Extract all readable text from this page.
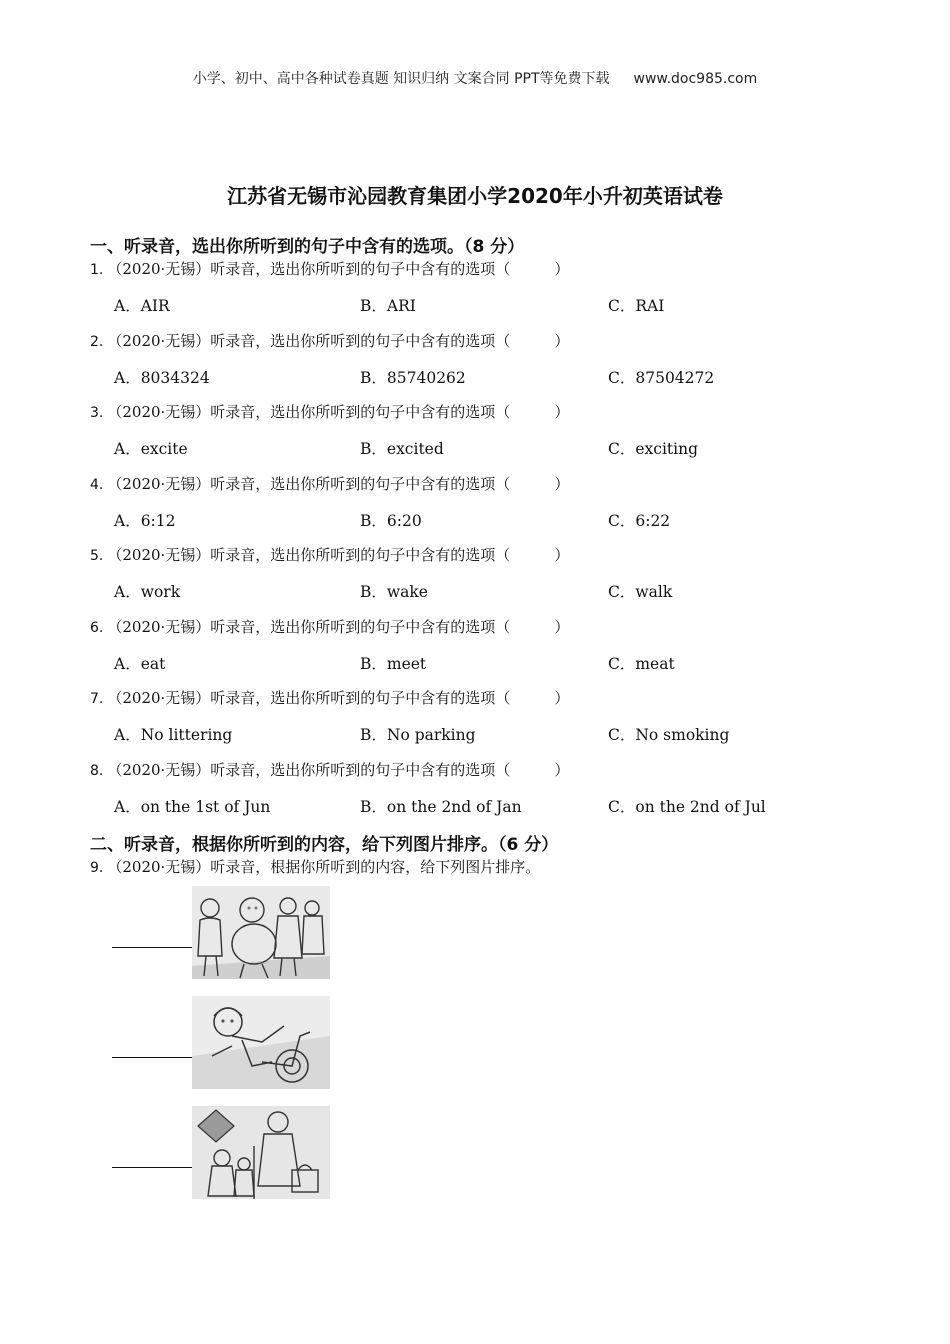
小学、初中、高中各种试卷真题 知识归纳 文案合同 PPT等免费下载 www.doc985.com
江苏省无锡市沁园教育集团小学2020年小升初英语试卷
一、听录音，选出你所听到的句子中含有的选项。（8 分）
1. （2020·无锡）听录音，选出你所听到的句子中含有的选项（	）
A．AIR	B．ARI	C．RAI
2. （2020·无锡）听录音，选出你所听到的句子中含有的选项（	）
A．8034324	B．85740262	C．87504272
3. （2020·无锡）听录音，选出你所听到的句子中含有的选项（	）
A．excite	B．excited	C．exciting
4. （2020·无锡）听录音，选出你所听到的句子中含有的选项（	）
A．6:12	B．6:20	C．6:22
5. （2020·无锡）听录音，选出你所听到的句子中含有的选项（	）
A．work	B．wake	C．walk
6. （2020·无锡）听录音，选出你所听到的句子中含有的选项（	）
A．eat	B．meet	C．meat
7. （2020·无锡）听录音，选出你所听到的句子中含有的选项（	）
A．No littering	B．No parking	C．No smoking
8. （2020·无锡）听录音，选出你所听到的句子中含有的选项（	）
A．on the 1st of Jun	B．on the 2nd of Jan	C．on the 2nd of Jul
二、听录音，根据你所听到的内容，给下列图片排序。（6 分）
9. （2020·无锡）听录音，根据你所听到的内容，给下列图片排序。
